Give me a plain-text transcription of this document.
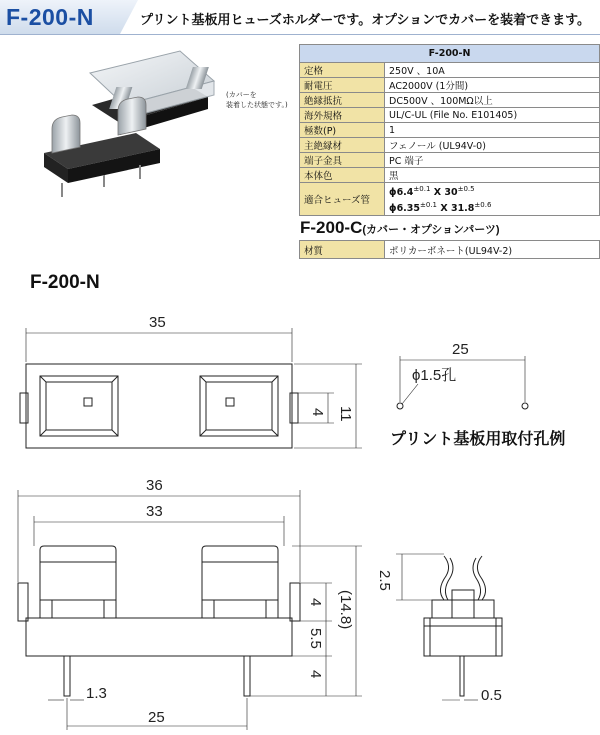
F-200-N	プリント基板用ヒューズホルダーです。オプションでカバーを装着できます。
(カバーを
装着した状態です。)
F-200-N	
定格	250V 、10A
耐電圧	AC2000V (1分間)
絶縁抵抗	DC500V 、100MΩ以上
海外規格	UL/C-UL (File No. E101405)
極数(P)	1
主絶縁材	フェノール (UL94V-0)
端子金具	PC 端子
本体色	黒
適合ヒューズ管	$\phi 6.4^{\pm 0.1}$ X $30^{\pm 0.5}$
$\phi 6.35^{\pm 0.1}$ X $31.8^{\pm 0.6}$
F-200-C(カバー・オプションパーツ)
材質	ポリカーボネート(UL94V-2)
F-200-N
35
11
4
25
ϕ1.5孔
36
33
25
1.3
4
5.5
4
(14.8)
2.5
0.5
プリント基板用取付孔例
